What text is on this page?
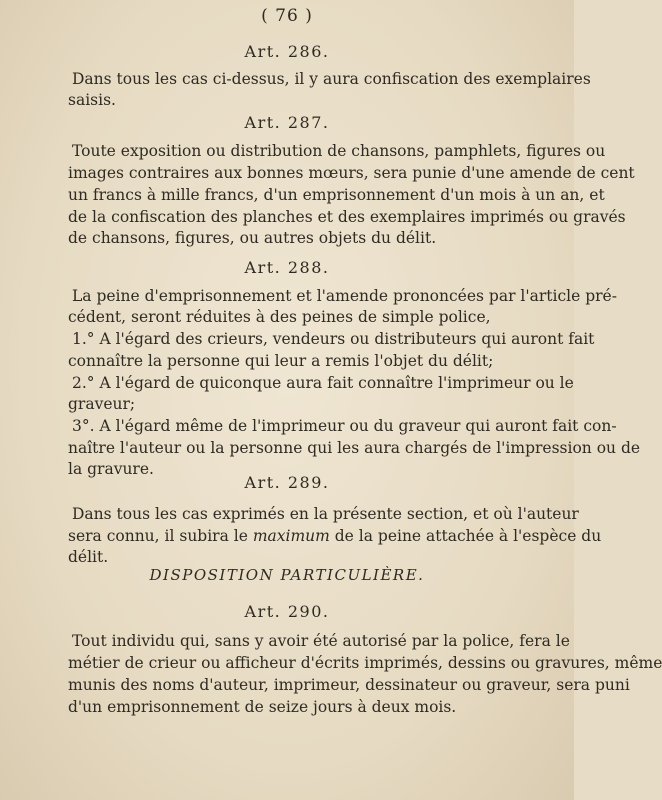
( 76 )
Art. 286.
Dans tous les cas ci-dessus, il y aura confiscation des exemplaires
saisis.
Art. 287.
Toute exposition ou distribution de chansons, pamphlets, figures ou
images contraires aux bonnes mœurs, sera punie d'une amende de cent
un francs à mille francs, d'un emprisonnement d'un mois à un an, et
de la confiscation des planches et des exemplaires imprimés ou gravés
de chansons, figures, ou autres objets du délit.
Art. 288.
La peine d'emprisonnement et l'amende prononcées par l'article pré-
cédent, seront réduites à des peines de simple police,
1.° A l'égard des crieurs, vendeurs ou distributeurs qui auront fait
connaître la personne qui leur a remis l'objet du délit;
2.° A l'égard de quiconque aura fait connaître l'imprimeur ou le
graveur;
3°. A l'égard même de l'imprimeur ou du graveur qui auront fait con-
naître l'auteur ou la personne qui les aura chargés de l'impression ou de
la gravure.
Art. 289.
Dans tous les cas exprimés en la présente section, et où l'auteur
sera connu, il subira le maximum de la peine attachée à l'espèce du
délit.
DISPOSITION PARTICULIÈRE.
Art. 290.
Tout individu qui, sans y avoir été autorisé par la police, fera le
métier de crieur ou afficheur d'écrits imprimés, dessins ou gravures, même
munis des noms d'auteur, imprimeur, dessinateur ou graveur, sera puni
d'un emprisonnement de seize jours à deux mois.
